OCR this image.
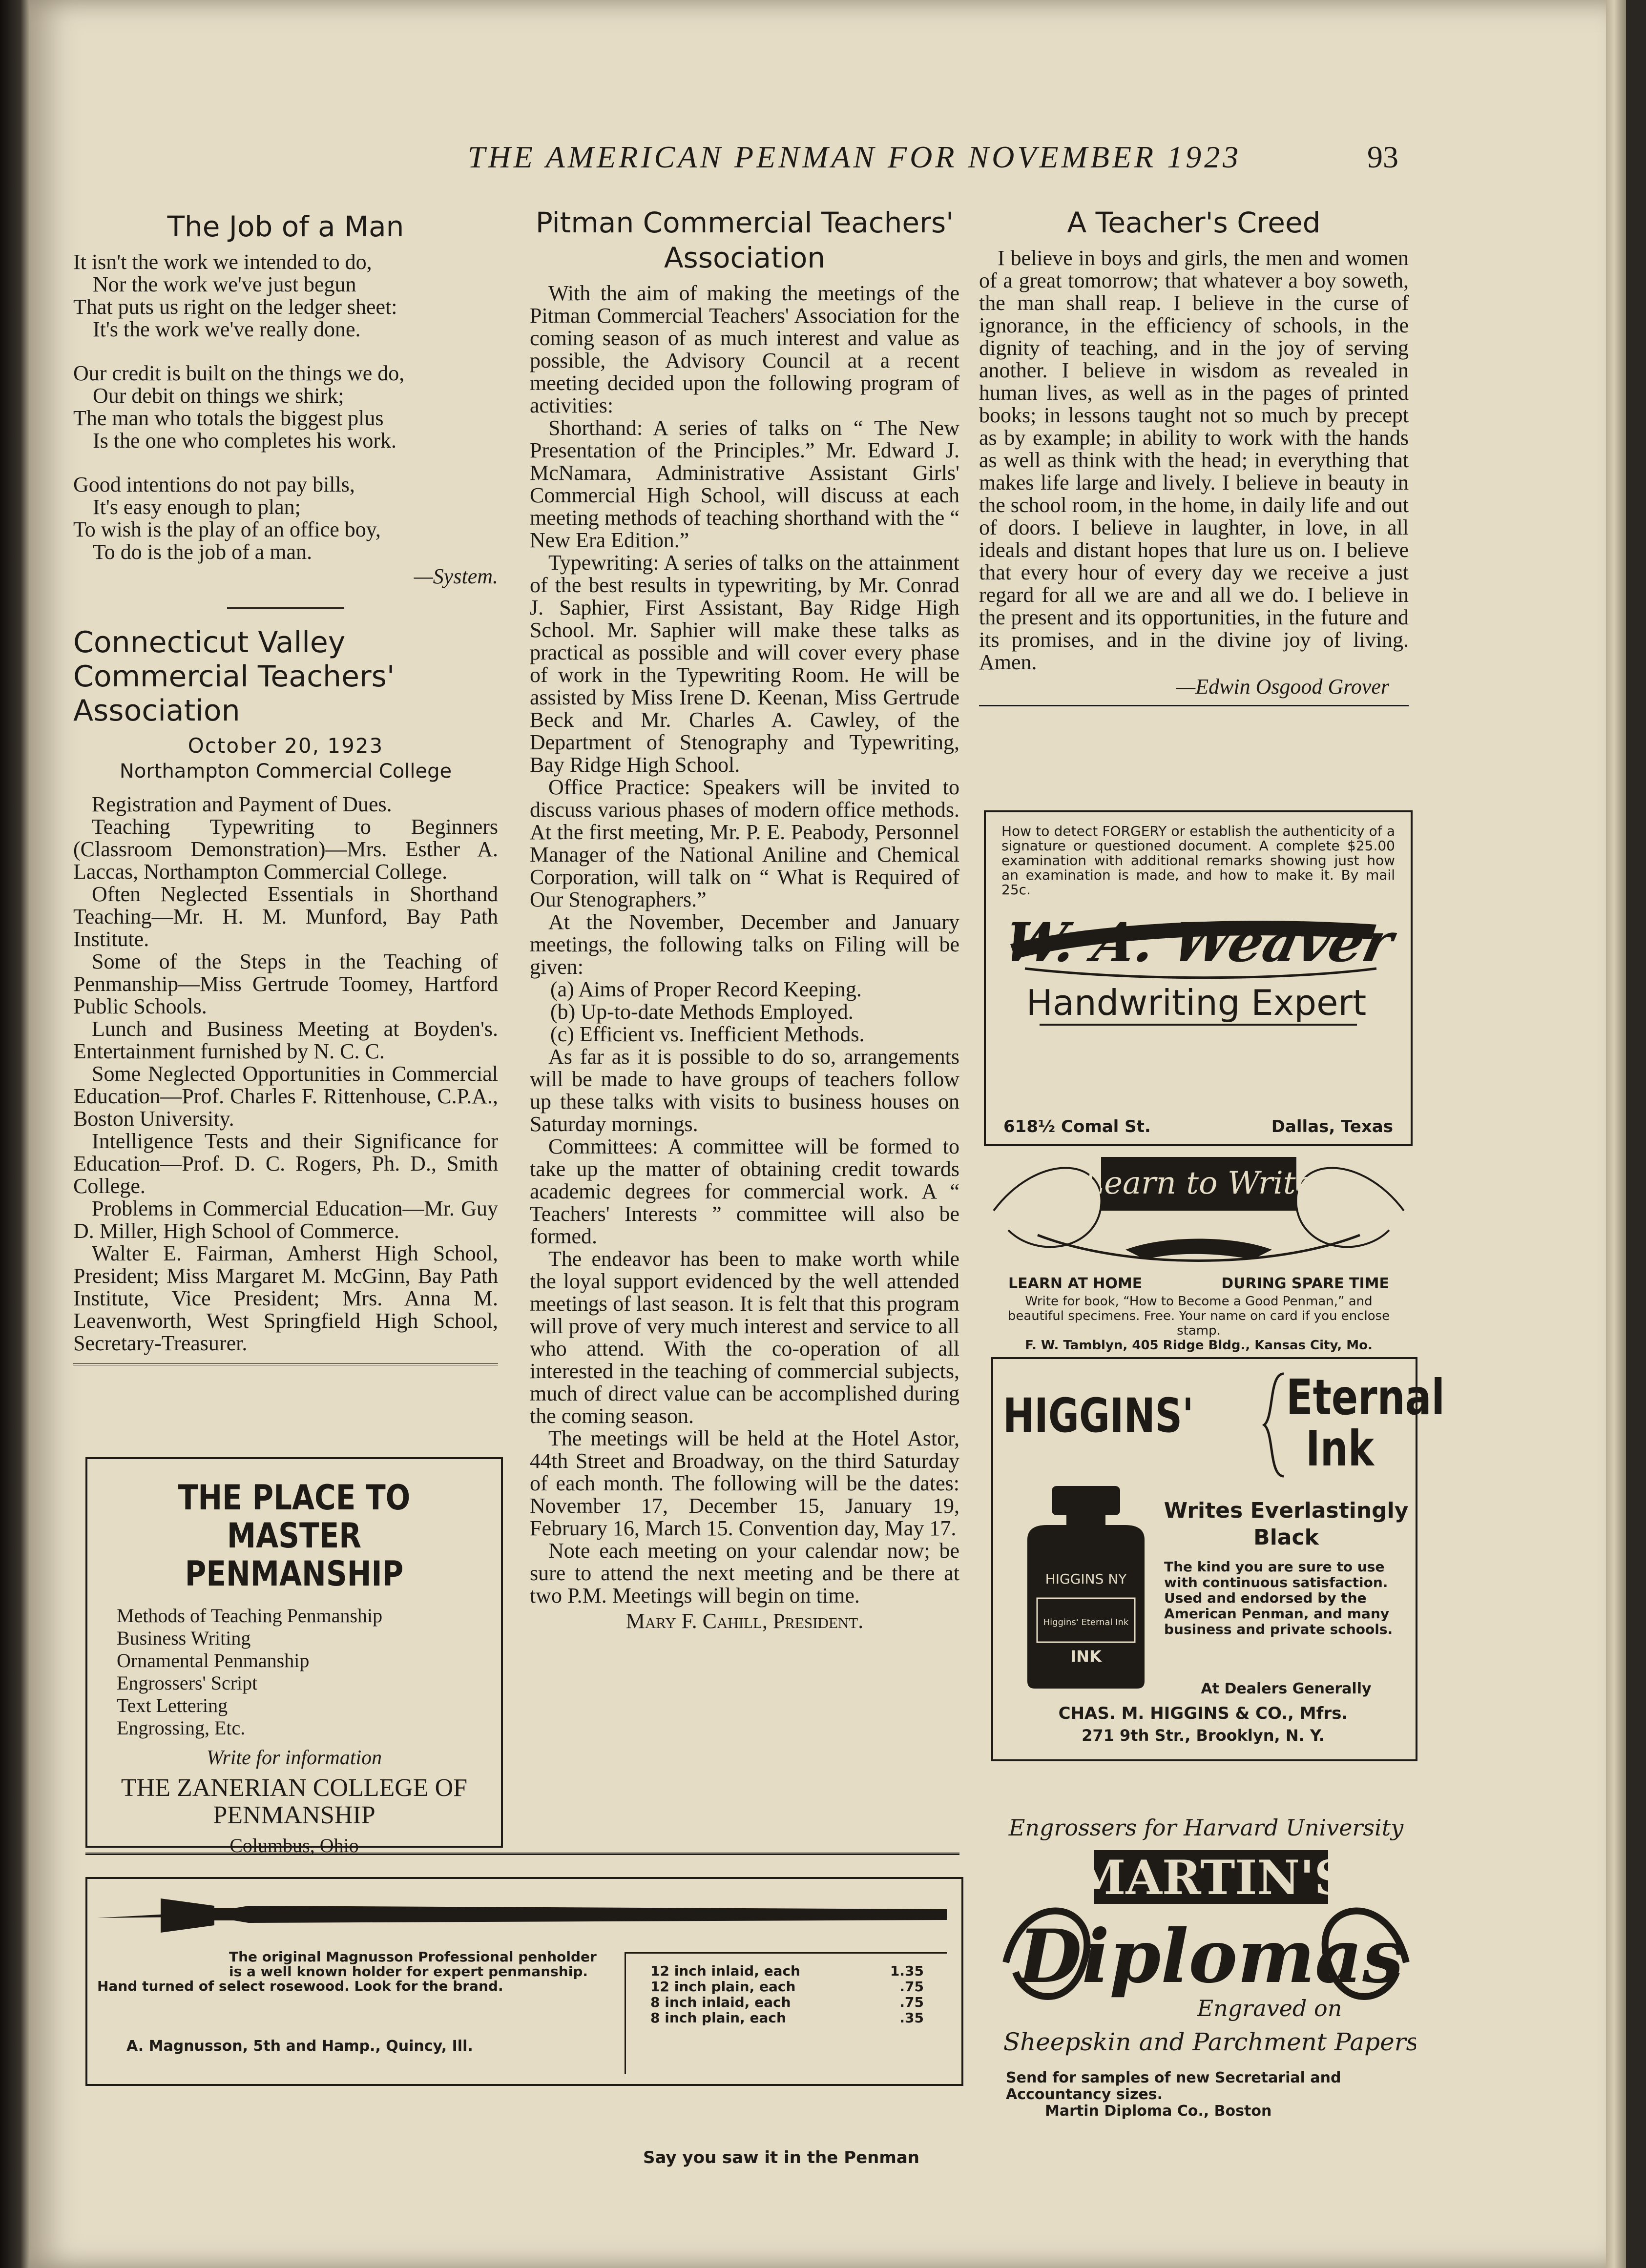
THE AMERICAN PENMAN FOR NOVEMBER 1923	93
The Job of a Man

It isn't the work we intended to do,

Nor the work we've just begun

That puts us right on the ledger sheet:

It's the work we've really done.

Our credit is built on the things we do,

Our debit on things we shirk;

The man who totals the biggest plus

Is the one who completes his work.

Good intentions do not pay bills,

It's easy enough to plan;

To wish is the play of an office boy,

To do is the job of a man.

—System.
Connecticut Valley Commercial Teachers' Association
October 20, 1923
Northampton Commercial College

Registration and Payment of Dues.

Teaching Typewriting to Beginners (Classroom Demonstration)—Mrs. Esther A. Laccas, Northampton Commercial College.

Often Neglected Essentials in Shorthand Teaching—Mr. H. M. Munford, Bay Path Institute.

Some of the Steps in the Teaching of Penmanship—Miss Gertrude Toomey, Hartford Public Schools.

Lunch and Business Meeting at Boyden's. Entertainment furnished by N. C. C.

Some Neglected Opportunities in Commercial Education—Prof. Charles F. Rittenhouse, C.P.A., Boston University.

Intelligence Tests and their Significance for Education—Prof. D. C. Rogers, Ph. D., Smith College.

Problems in Commercial Education—Mr. Guy D. Miller, High School of Commerce.

Walter E. Fairman, Amherst High School, President; Miss Margaret M. McGinn, Bay Path Institute, Vice President; Mrs. Anna M. Leavenworth, West Springfield High School, Secretary-Treasurer.

Pitman Commercial Teachers' Association

With the aim of making the meetings of the Pitman Commercial Teachers' Association for the coming season of as much interest and value as possible, the Advisory Council at a recent meeting decided upon the following program of activities:

Shorthand: A series of talks on “ The New Presentation of the Principles.” Mr. Edward J. McNamara, Administrative Assistant Girls' Commercial High School, will discuss at each meeting methods of teaching shorthand with the “ New Era Edition.”

Typewriting: A series of talks on the attainment of the best results in typewriting, by Mr. Conrad J. Saphier, First Assistant, Bay Ridge High School. Mr. Saphier will make these talks as practical as possible and will cover every phase of work in the Typewriting Room. He will be assisted by Miss Irene D. Keenan, Miss Gertrude Beck and Mr. Charles A. Cawley, of the Department of Stenography and Typewriting, Bay Ridge High School.

Office Practice: Speakers will be invited to discuss various phases of modern office methods. At the first meeting, Mr. P. E. Peabody, Personnel Manager of the National Aniline and Chemical Corporation, will talk on “ What is Required of Our Stenographers.”

At the November, December and January meetings, the following talks on Filing will be given:

(a) Aims of Proper Record Keeping.

(b) Up-to-date Methods Employed.

(c) Efficient vs. Inefficient Methods.

As far as it is possible to do so, arrangements will be made to have groups of teachers follow up these talks with visits to business houses on Saturday mornings.

Committees: A committee will be formed to take up the matter of obtaining credit towards academic degrees for commercial work. A “ Teachers' Interests ” committee will also be formed.

The endeavor has been to make worth while the loyal support evidenced by the well attended meetings of last season. It is felt that this program will prove of very much interest and service to all who attend. With the co-operation of all interested in the teaching of commercial subjects, much of direct value can be accomplished during the coming season.

The meetings will be held at the Hotel Astor, 44th Street and Broadway, on the third Saturday of each month. The following will be the dates: November 17, December 15, January 19, February 16, March 15. Convention day, May 17.

Note each meeting on your calendar now; be sure to attend the next meeting and be there at two P.M. Meetings will begin on time.

Mary F. Cahill, President.
A Teacher's Creed

I believe in boys and girls, the men and women of a great tomorrow; that whatever a boy soweth, the man shall reap. I believe in the curse of ignorance, in the efficiency of schools, in the dignity of teaching, and in the joy of serving another. I believe in wisdom as revealed in human lives, as well as in the pages of printed books; in lessons taught not so much by precept as by example; in ability to work with the hands as well as think with the head; in everything that makes life large and lively. I believe in beauty in the school room, in the home, in daily life and out of doors. I believe in laughter, in love, in all ideals and distant hopes that lure us on. I believe that every hour of every day we receive a just regard for all we are and all we do. I believe in the present and its opportunities, in the future and its promises, and in the divine joy of living. Amen.

—Edwin Osgood Grover
THE PLACE TO MASTER PENMANSHIP
Methods of Teaching Penmanship
Business Writing
Ornamental Penmanship
Engrossers' Script
Text Lettering
Engrossing, Etc.
Write for information
THE ZANERIAN COLLEGE OF PENMANSHIP
Columbus, Ohio
How to detect FORGERY or establish the authenticity of a signature or questioned document. A complete $25.00 examination with additional remarks showing just how an examination is made, and how to make it. By mail 25c.
W. A. Weaver
Handwriting Expert
618½ Comal St.	Dallas, Texas
Learn to Write
LEARN AT HOME	DURING SPARE TIME
Write for book, “How to Become a Good Penman,” and beautiful specimens. Free. Your name on card if you enclose stamp.
F. W. Tamblyn, 405 Ridge Bldg., Kansas City, Mo.
HIGGINS' Eternal
Ink
HIGGINS NY
Higgins' Eternal Ink
INK
Writes Everlastingly
Black
The kind you are sure to use with continuous satisfaction. Used and endorsed by the American Penman, and many business and private schools.
At Dealers Generally
CHAS. M. HIGGINS & CO., Mfrs.
271 9th Str., Brooklyn, N. Y.
Engrossers for Harvard University
MARTIN'S
Diplomas
Engraved on
Sheepskin and Parchment Papers
Send for samples of new Secretarial and Accountancy sizes.
Martin Diploma Co., Boston
The original Magnusson Professional penholder is a well known holder for expert penmanship.
Hand turned of select rosewood. Look for the brand.
A. Magnusson, 5th and Hamp., Quincy, Ill.
12 inch inlaid, each	1.35
12 inch plain, each	.75
8 inch inlaid, each	.75
8 inch plain, each	.35
Say you saw it in the Penman
